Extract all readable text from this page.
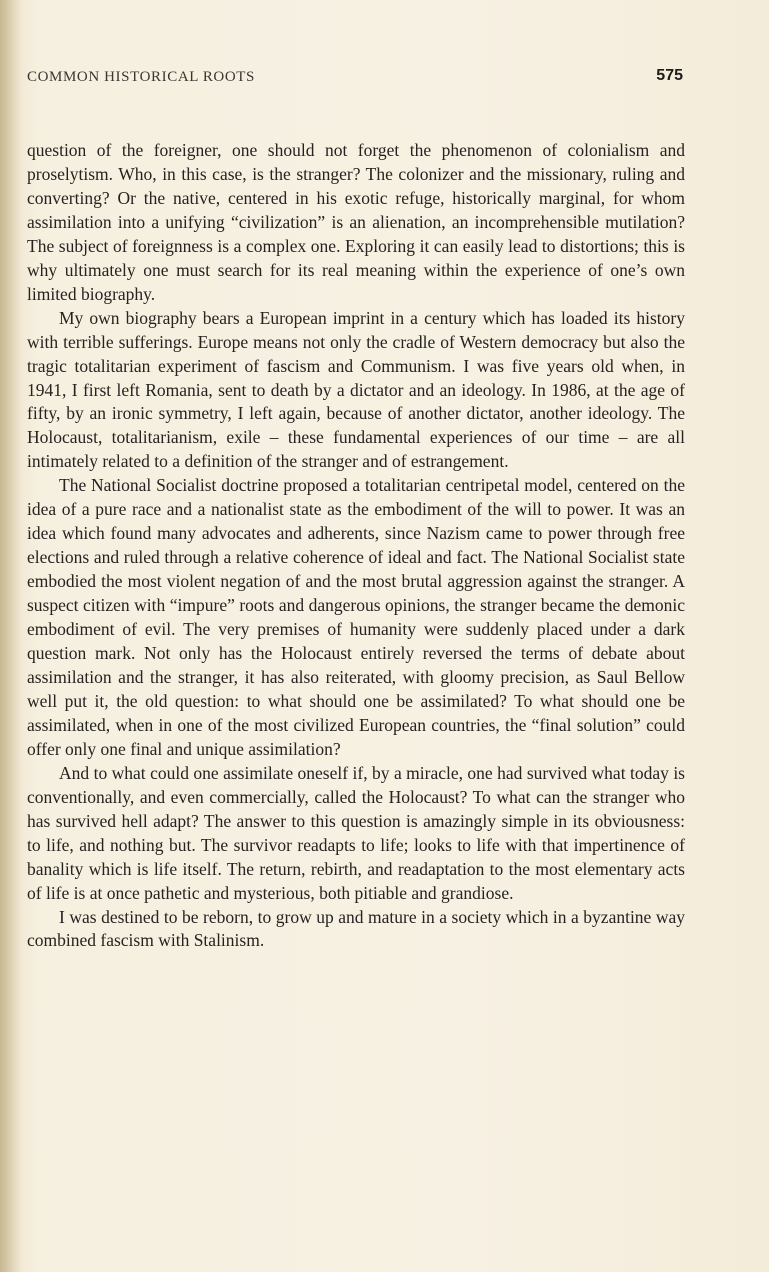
COMMON HISTORICAL ROOTS	575

question of the foreigner, one should not forget the phenomenon of colonialism and proselytism. Who, in this case, is the stranger? The colonizer and the missionary, ruling and converting? Or the native, centered in his exotic refuge, historically marginal, for whom assimilation into a unifying “civilization” is an alienation, an incomprehensible mutilation? The subject of foreignness is a complex one. Exploring it can easily lead to distortions; this is why ultimately one must search for its real meaning within the experience of one’s own limited biography.

My own biography bears a European imprint in a century which has loaded its history with terrible sufferings. Europe means not only the cradle of Western democracy but also the tragic totalitarian experiment of fascism and Communism. I was five years old when, in 1941, I first left Romania, sent to death by a dictator and an ideology. In 1986, at the age of fifty, by an ironic symmetry, I left again, because of another dictator, another ideology. The Holocaust, totalitarianism, exile – these fundamental experiences of our time – are all intimately related to a definition of the stranger and of estrangement.

The National Socialist doctrine proposed a totalitarian centripetal model, centered on the idea of a pure race and a nationalist state as the embodiment of the will to power. It was an idea which found many advocates and adherents, since Nazism came to power through free elections and ruled through a relative coherence of ideal and fact. The National Socialist state embodied the most violent negation of and the most brutal aggression against the stranger. A suspect citizen with “impure” roots and dangerous opinions, the stranger became the demonic embodiment of evil. The very premises of humanity were suddenly placed under a dark question mark. Not only has the Holocaust entirely reversed the terms of debate about assimilation and the stranger, it has also reiterated, with gloomy precision, as Saul Bellow well put it, the old question: to what should one be assimilated? To what should one be assimilated, when in one of the most civilized European countries, the “final solution” could offer only one final and unique assimilation?

And to what could one assimilate oneself if, by a miracle, one had survived what today is conventionally, and even commercially, called the Holocaust? To what can the stranger who has survived hell adapt? The answer to this question is amazingly simple in its obviousness: to life, and nothing but. The survivor readapts to life; looks to life with that impertinence of banality which is life itself. The return, rebirth, and readaptation to the most elementary acts of life is at once pathetic and mysterious, both pitiable and grandiose.

I was destined to be reborn, to grow up and mature in a society which in a byzantine way combined fascism with Stalinism.
